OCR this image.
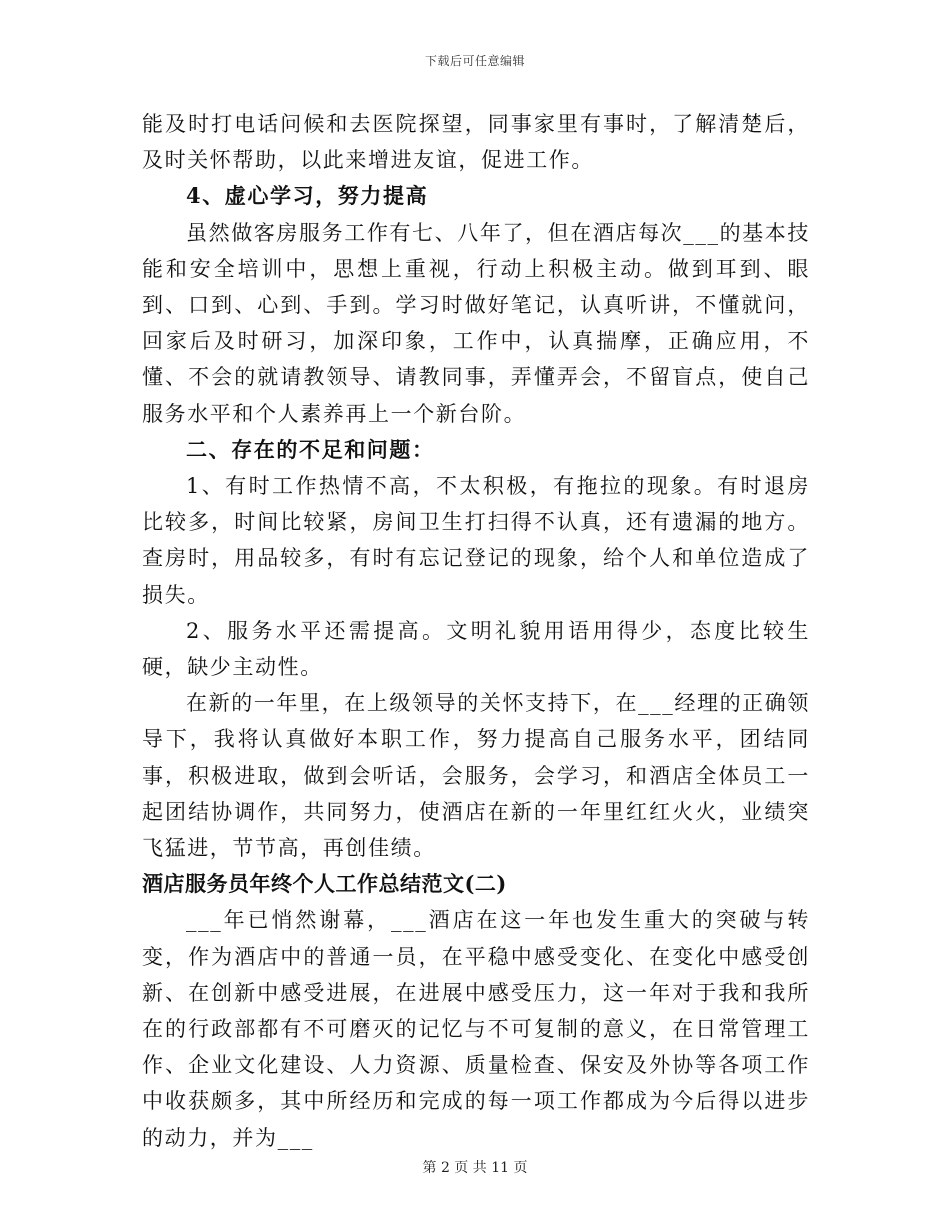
下载后可任意编辑

能及时打电话问候和去医院探望，同事家里有事时，了解清楚后，及时关怀帮助，以此来增进友谊，促进工作。

4、虚心学习，努力提高

虽然做客房服务工作有七、八年了，但在酒店每次___的基本技能和安全培训中，思想上重视，行动上积极主动。做到耳到、眼到、口到、心到、手到。学习时做好笔记，认真听讲，不懂就问，回家后及时研习，加深印象，工作中，认真揣摩，正确应用，不懂、不会的就请教领导、请教同事，弄懂弄会，不留盲点，使自己服务水平和个人素养再上一个新台阶。

二、存在的不足和问题：

1、有时工作热情不高，不太积极，有拖拉的现象。有时退房比较多，时间比较紧，房间卫生打扫得不认真，还有遗漏的地方。查房时，用品较多，有时有忘记登记的现象，给个人和单位造成了损失。

2、服务水平还需提高。文明礼貌用语用得少，态度比较生硬，缺少主动性。

在新的一年里，在上级领导的关怀支持下，在___经理的正确领导下，我将认真做好本职工作，努力提高自己服务水平，团结同事，积极进取，做到会听话，会服务，会学习，和酒店全体员工一起团结协调作，共同努力，使酒店在新的一年里红红火火，业绩突飞猛进，节节高，再创佳绩。

酒店服务员年终个人工作总结范文(二)

___年已悄然谢幕，___酒店在这一年也发生重大的突破与转变，作为酒店中的普通一员，在平稳中感受变化、在变化中感受创新、在创新中感受进展，在进展中感受压力，这一年对于我和我所在的行政部都有不可磨灭的记忆与不可复制的意义，在日常管理工作、企业文化建设、人力资源、质量检查、保安及外协等各项工作中收获颇多，其中所经历和完成的每一项工作都成为今后得以进步的动力，并为___

第 2 页 共 11 页
